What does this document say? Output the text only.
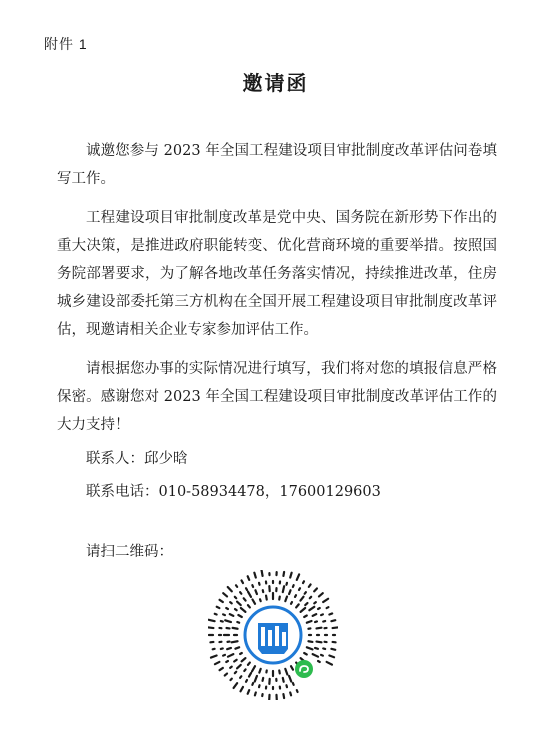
附件 1
邀请函

诚邀您参与 2023 年全国工程建设项目审批制度改革评估问卷填写工作。

工程建设项目审批制度改革是党中央、国务院在新形势下作出的重大决策，是推进政府职能转变、优化营商环境的重要举措。按照国务院部署要求，为了解各地改革任务落实情况，持续推进改革，住房城乡建设部委托第三方机构在全国开展工程建设项目审批制度改革评估，现邀请相关企业专家参加评估工作。

请根据您办事的实际情况进行填写，我们将对您的填报信息严格保密。感谢您对 2023 年全国工程建设项目审批制度改革评估工作的大力支持！

联系人：邱少晗
联系电话：010-58934478，17600129603
请扫二维码：
